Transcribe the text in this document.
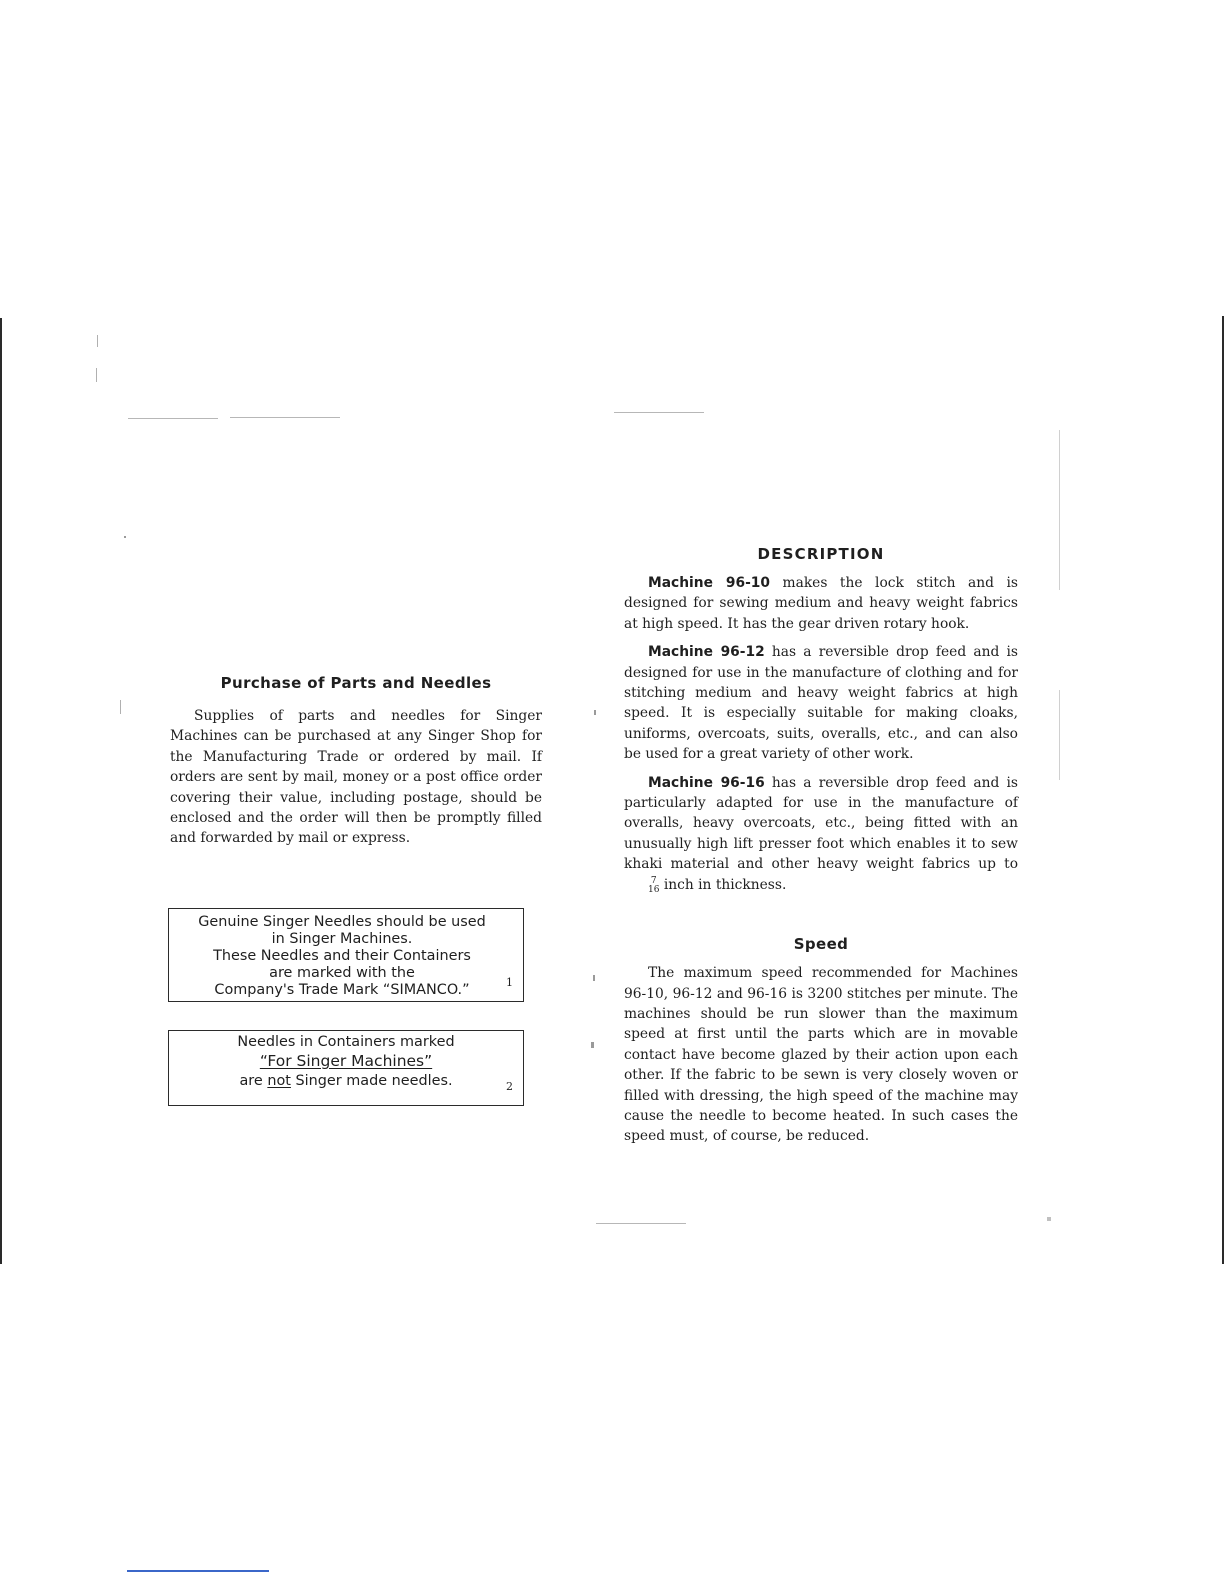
Purchase of Parts and Needles

Supplies of parts and needles for Singer Machines can be purchased at any Singer Shop for the Manufacturing Trade or ordered by mail. If orders are sent by mail, money or a post office order covering their value, including postage, should be enclosed and the order will then be promptly filled and forwarded by mail or express.

Genuine Singer Needles should be used
in Singer Machines.
These Needles and their Containers
are marked with the
Company's Trade Mark “SIMANCO.”	1
Needles in Containers marked
“For Singer Machines”
are not Singer made needles.	2
DESCRIPTION

Machine 96-10 makes the lock stitch and is designed for sewing medium and heavy weight fabrics at high speed. It has the gear driven rotary hook.

Machine 96-12 has a reversible drop feed and is designed for use in the manufacture of clothing and for stitching medium and heavy weight fabrics at high speed. It is especially suitable for making cloaks, uniforms, overcoats, suits, overalls, etc., and can also be used for a great variety of other work.

Machine 96-16 has a reversible drop feed and is particularly adapted for use in the manufacture of overalls, heavy overcoats, etc., being fitted with an unusually high lift presser foot which enables it to sew khaki material and other heavy weight fabrics up to
7
16 inch in thickness.

Speed

The maximum speed recommended for Machines 96-10, 96-12 and 96-16 is 3200 stitches per minute. The machines should be run slower than the maximum speed at first until the parts which are in movable contact have become glazed by their action upon each other. If the fabric to be sewn is very closely woven or filled with dressing, the high speed of the machine may cause the needle to become heated. In such cases the speed must, of course, be reduced.
